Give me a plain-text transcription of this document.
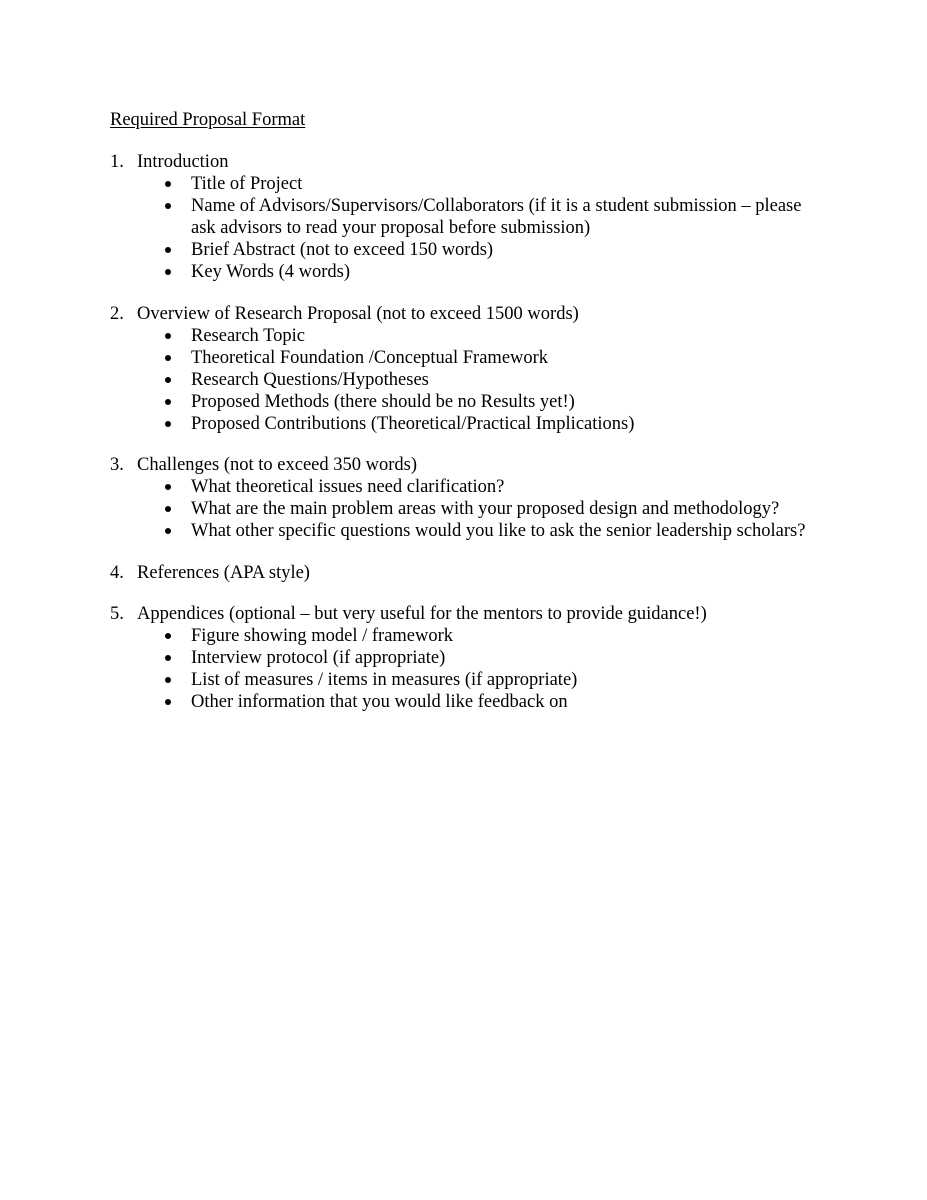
Required Proposal Format
1. Introduction
Title of Project
Name of Advisors/Supervisors/Collaborators (if it is a student submission – please ask advisors to read your proposal before submission)
Brief Abstract (not to exceed 150 words)
Key Words (4 words)
2. Overview of Research Proposal (not to exceed 1500 words)
Research Topic
Theoretical Foundation /Conceptual Framework
Research Questions/Hypotheses
Proposed Methods (there should be no Results yet!)
Proposed Contributions (Theoretical/Practical Implications)
3. Challenges (not to exceed 350 words)
What theoretical issues need clarification?
What are the main problem areas with your proposed design and methodology?
What other specific questions would you like to ask the senior leadership scholars?
4. References (APA style)
5. Appendices (optional – but very useful for the mentors to provide guidance!)
Figure showing model / framework
Interview protocol (if appropriate)
List of measures / items in measures (if appropriate)
Other information that you would like feedback on
